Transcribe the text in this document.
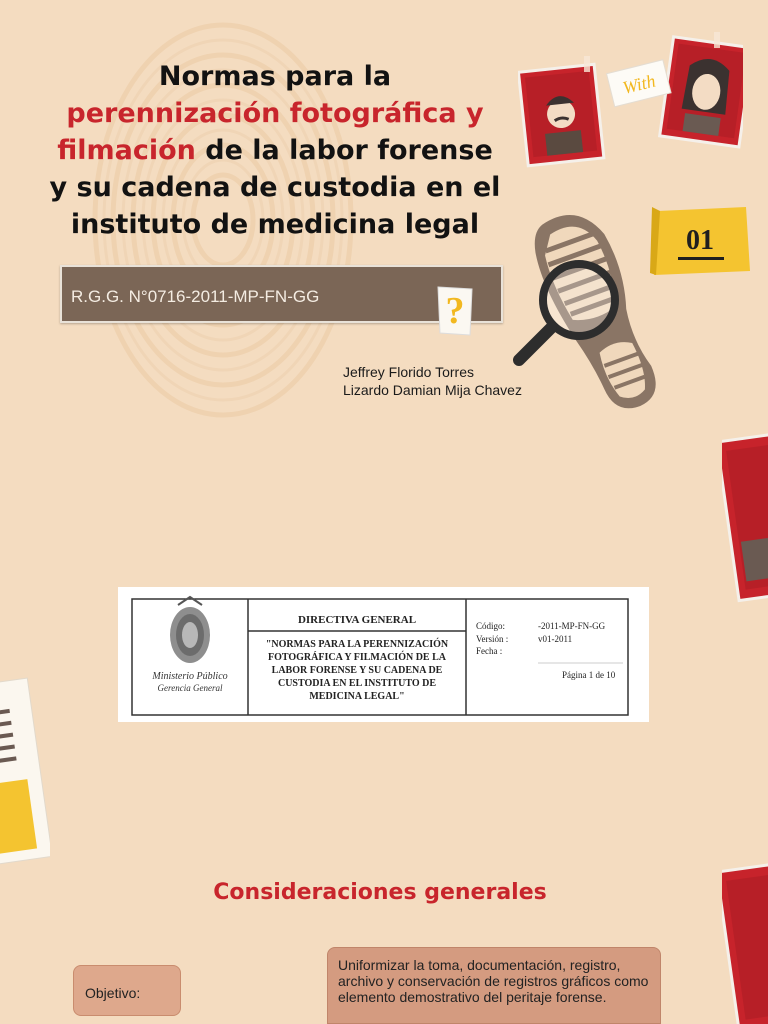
Normas para la
perennización fotográfica y
filmación de la labor forense
y su cadena de custodia en el
instituto de medicina legal
R.G.G. N°0716-2011-MP-FN-GG	?
Jeffrey Florido Torres
Lizardo Damian Mija Chavez
With
01
Ministerio Público
Gerencia General
DIRECTIVA GENERAL
"NORMAS PARA LA PERENNIZACIÓN
FOTOGRÁFICA Y FILMACIÓN DE LA
LABOR FORENSE Y SU CADENA DE
CUSTODIA EN EL INSTITUTO DE
MEDICINA LEGAL"
Código:	-2011-MP-FN-GG
Versión :	v01-2011
Fecha :
Página 1 de 10
Consideraciones generales
Objetivo:
Uniformizar la toma, documentación, registro, archivo y conservación de registros gráficos como elemento demostrativo del peritaje forense.
